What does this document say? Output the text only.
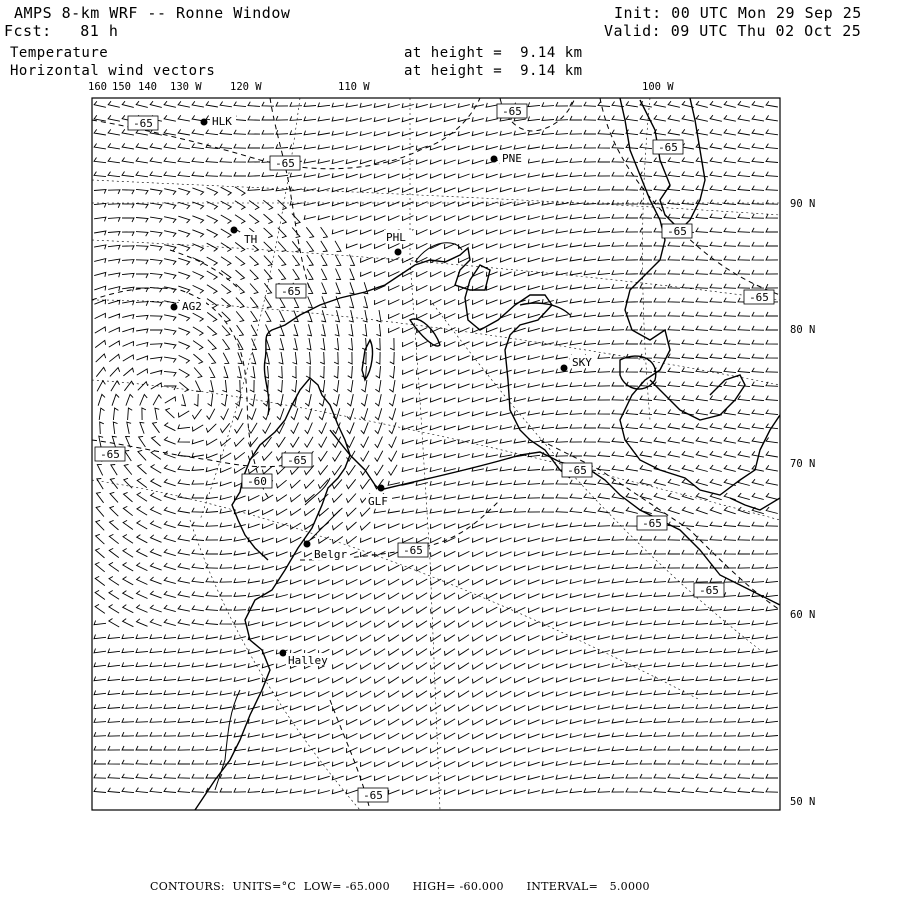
AMPS 8-km WRF -- Ronne Window
Fcst:   81 h
Init: 00 UTC Mon 29 Sep 25
Valid: 09 UTC Thu 02 Oct 25
Temperature
Horizontal wind vectors
at height =  9.14 km
at height =  9.14 km
160 150 140 130 W	120 W	110 W	100 W
90 N
80 N
70 N
60 N
50 N
-65
-65
-65
-65
-65
-65	-65
-65	-65
-65
-60
-65
-65
-65
-65
HLK
PNE
TH	PHL
AG2
SKY
GLF
Belgr
Halley
CONTOURS:  UNITS=°C  LOW= -65.000      HIGH= -60.000      INTERVAL=   5.0000
